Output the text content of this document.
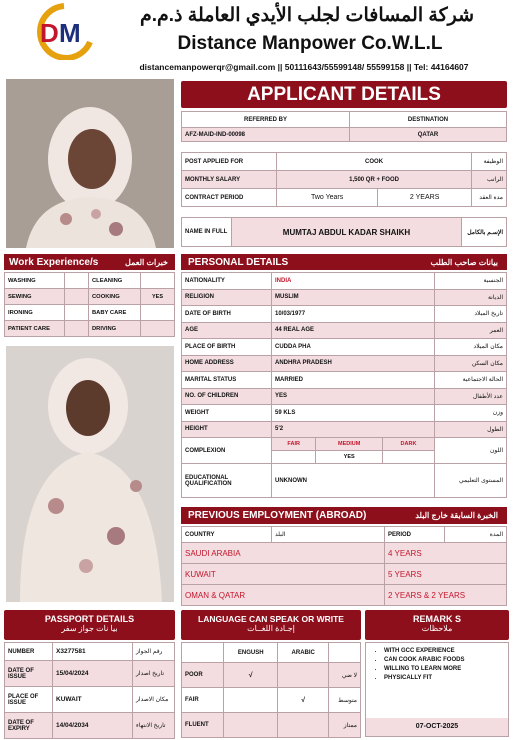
D M
شركة المسافات لجلب الأيدي العاملة ذ.م.م
Distance Manpower Co.W.L.L
distancemanpowerqr@gmail.com || 50111643/55599148/ 55599158 || Tel: 44164607
APPLICANT DETAILS
REFERRED BY	DESTINATION
AFZ-MAID-IND-00098	QATAR
POST APPLIED FOR	COOK		الوظيفة
MONTHLY SALARY	1,500 QR + FOOD		الراتب
CONTRACT PERIOD	Two Years	2 YEARS	مدة العقد
NAME IN FULL	MUMTAJ ABDUL KADAR SHAIKH	الإسـم بالكامل
Work Experience/s	خبرات العمل
WASHING		CLEANING	
SEWING		COOKING	YES
IRONING		BABY CARE	
PATIENT CARE		DRIVING	
PERSONAL DETAILS	بيانات صاحب الطلب
NATIONALITY	INDIA			الجنسية
RELIGION	MUSLIM			الديانة
DATE OF BIRTH	10/03/1977			تاريخ الميلاد
AGE	44 REAL AGE			العمر
PLACE OF BIRTH	CUDDA PHA			مكان الميلاد
HOME ADDRESS	ANDHRA PRADESH			مكان السكن
MARITAL STATUS	MARRIED			الحالة الاجتماعية
NO. OF CHILDREN	YES			عدد الأطفال
WEIGHT	59 KLS			وزن
HEIGHT	5'2			الطول
COMPLEXION	FAIR	MEDIUM	DARK	اللون
		YES		
EDUCATIONAL QUALIFICATION	UNKNOWN			المستوى التعليمي
PREVIOUS EMPLOYMENT (ABROAD)	الخبرة السابقة خارج البلد
COUNTRY	البلد	PERIOD	المدة
SAUDI ARABIA		4 YEARS	
KUWAIT		5 YEARS	
OMAN & QATAR		2 YEARS & 2 YEARS	
PASSPORT DETAILS
بيا نات جواز سفر
NUMBER	X3277581	رقم الجواز
DATE OF ISSUE	15/04/2024	تاريخ اصدار
PLACE OF ISSUE	KUWAIT	مكان الاصدار
DATE OF EXPIRY	14/04/2034	تاريخ الانتهاء
LANGUAGE CAN SPEAK OR WRITE
إجـادة اللغــات
	ENGUSH	ARABIC	
POOR	√		لا ضي
FAIR		√	متوسط
FLUENT			ممتاز
REMARK S
ملاحظات
• WITH GCC EXPERIENCE
• CAN COOK ARABIC FOODS
• WILLING TO LEARN MORE
• PHYSICALLY FIT
07-OCT-2025
